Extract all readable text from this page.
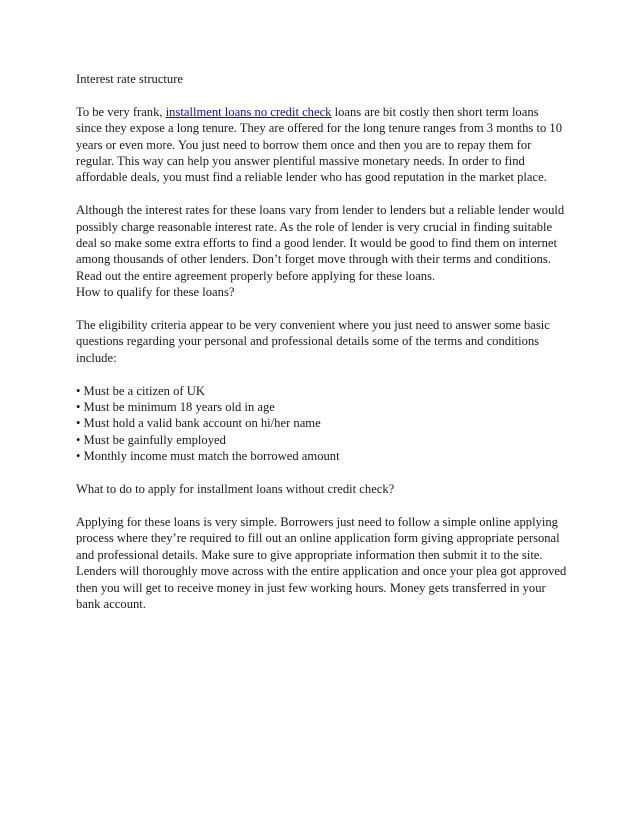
Interest rate structure

To be very frank, installment loans no credit check loans are bit costly then short term loans
since they expose a long tenure. They are offered for the long tenure ranges from 3 months to 10
years or even more. You just need to borrow them once and then you are to repay them for
regular. This way can help you answer plentiful massive monetary needs. In order to find
affordable deals, you must find a reliable lender who has good reputation in the market place.

Although the interest rates for these loans vary from lender to lenders but a reliable lender would
possibly charge reasonable interest rate. As the role of lender is very crucial in finding suitable
deal so make some extra efforts to find a good lender. It would be good to find them on internet
among thousands of other lenders. Don’t forget move through with their terms and conditions.
Read out the entire agreement properly before applying for these loans.
How to qualify for these loans?

The eligibility criteria appear to be very convenient where you just need to answer some basic
questions regarding your personal and professional details some of the terms and conditions
include:

• Must be a citizen of UK
• Must be minimum 18 years old in age
• Must hold a valid bank account on hi/her name
• Must be gainfully employed
• Monthly income must match the borrowed amount

What to do to apply for installment loans without credit check?

Applying for these loans is very simple. Borrowers just need to follow a simple online applying
process where they’re required to fill out an online application form giving appropriate personal
and professional details. Make sure to give appropriate information then submit it to the site.
Lenders will thoroughly move across with the entire application and once your plea got approved
then you will get to receive money in just few working hours. Money gets transferred in your
bank account.
